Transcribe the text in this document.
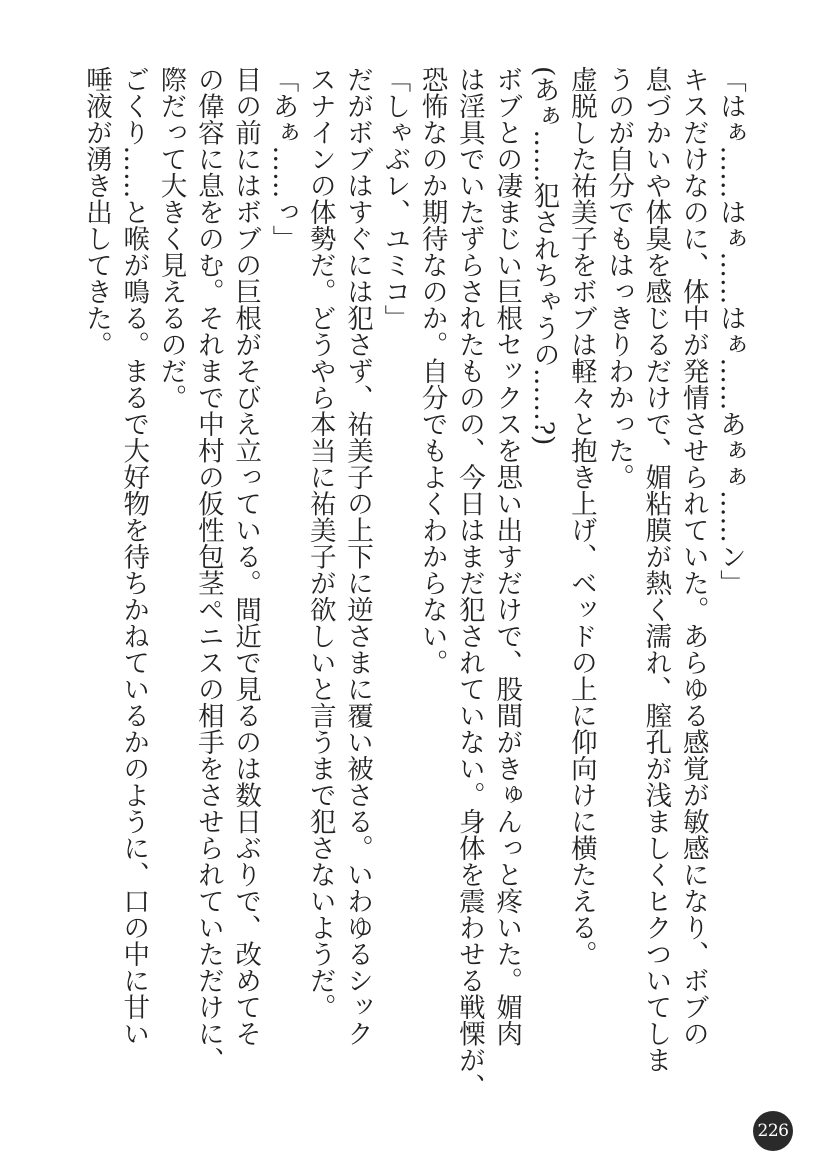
「はぁ……はぁ……はぁ……あぁぁ……ン」
キスだけなのに、体中が発情させられていた。あらゆる感覚が敏感になり、ボブの
息づかいや体臭を感じるだけで、媚粘膜が熱く濡れ、膣孔が浅ましくヒクついてしま
うのが自分でもはっきりわかった。
虚脱した祐美子をボブは軽々と抱き上げ、ベッドの上に仰向けに横たえる。
(あぁ……犯されちゃうの……?)
ボブとの凄まじい巨根セックスを思い出すだけで、股間がきゅんっと疼いた。媚肉
は淫具でいたずらされたものの、今日はまだ犯されていない。身体を震わせる戦慄が、
恐怖なのか期待なのか。自分でもよくわからない。
「しゃぶレ、ユミコ」
だがボブはすぐには犯さず、祐美子の上下に逆さまに覆い被さる。いわゆるシック
スナインの体勢だ。どうやら本当に祐美子が欲しいと言うまで犯さないようだ。
「あぁ……っ」
目の前にはボブの巨根がそびえ立っている。間近で見るのは数日ぶりで、改めてそ
の偉容に息をのむ。それまで中村の仮性包茎ペニスの相手をさせられていただけに、
際だって大きく見えるのだ。
ごくり……と喉が鳴る。まるで大好物を待ちかねているかのように、口の中に甘い
唾液が湧き出してきた。
226
